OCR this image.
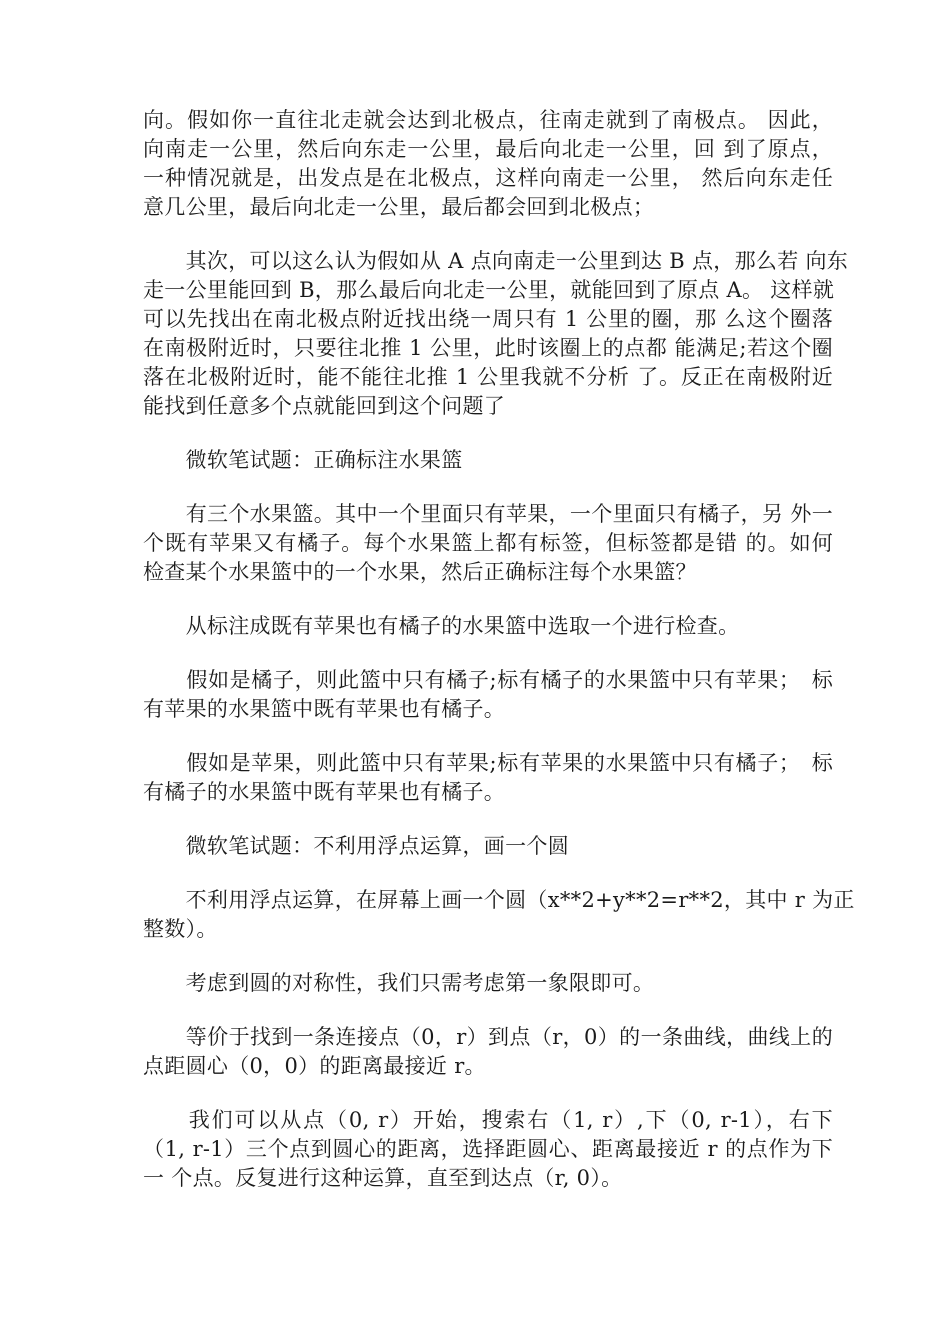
向。假如你一直往北走就会达到北极点，往南走就到了南极点。 因此，
向南走一公里，然后向东走一公里，最后向北走一公里，回 到了原点，
一种情况就是，出发点是在北极点，这样向南走一公里， 然后向东走任
意几公里，最后向北走一公里，最后都会回到北极点；
　　其次，可以这么认为假如从 A 点向南走一公里到达 B 点，那么若 向东
走一公里能回到 B，那么最后向北走一公里，就能回到了原点 A。 这样就
可以先找出在南北极点附近找出绕一周只有 1 公里的圈，那 么这个圈落
在南极附近时，只要往北推 1 公里，此时该圈上的点都 能满足;若这个圈
落在北极附近时，能不能往北推 1 公里我就不分析 了。反正在南极附近
能找到任意多个点就能回到这个问题了
　　微软笔试题：正确标注水果篮
　　有三个水果篮。其中一个里面只有苹果，一个里面只有橘子，另 外一
个既有苹果又有橘子。每个水果篮上都有标签，但标签都是错 的。如何
检查某个水果篮中的一个水果，然后正确标注每个水果篮？
　　从标注成既有苹果也有橘子的水果篮中选取一个进行检查。
　　假如是橘子，则此篮中只有橘子;标有橘子的水果篮中只有苹果；　标
有苹果的水果篮中既有苹果也有橘子。
　　假如是苹果，则此篮中只有苹果;标有苹果的水果篮中只有橘子；　标
有橘子的水果篮中既有苹果也有橘子。
　　微软笔试题：不利用浮点运算，画一个圆
　　不利用浮点运算，在屏幕上画一个圆（x**2+y**2=r**2，其中 r 为正
整数）。
　　考虑到圆的对称性，我们只需考虑第一象限即可。
　　等价于找到一条连接点（0，r）到点（r，0）的一条曲线，曲线上的
点距圆心（0，0）的距离最接近 r。
　　我们可以从点（0, r）开始，搜索右（1, r）,下（0, r-1），右下
（1, r-1）三个点到圆心的距离，选择距圆心、距离最接近 r 的点作为下
一 个点。反复进行这种运算，直至到达点（r, 0）。
